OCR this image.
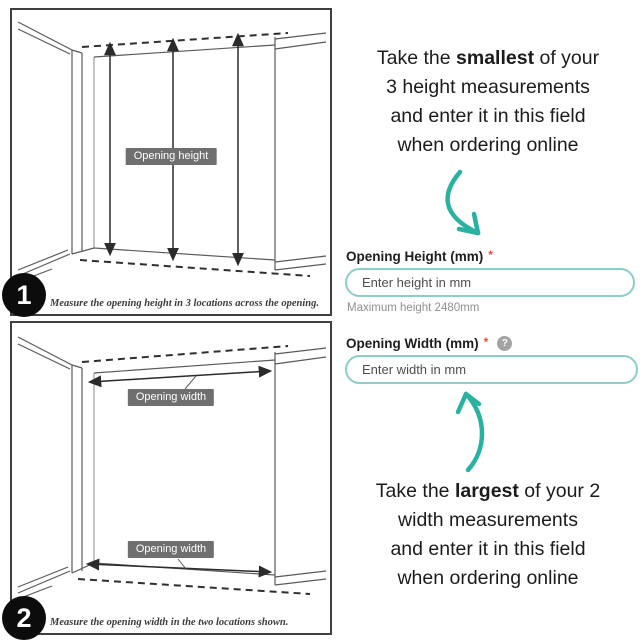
Opening height
Measure the opening height in 3 locations across the opening.
1
Opening width
Opening width
Measure the opening width in the two locations shown.
2
Take the smallest of your
3 height measurements
and enter it in this field
when ordering online
Opening Height (mm) *
Enter height in mm
Maximum height 2480mm
Opening Width (mm) * ?
Enter width in mm
Take the largest of your 2
width measurements
and enter it in this field
when ordering online
